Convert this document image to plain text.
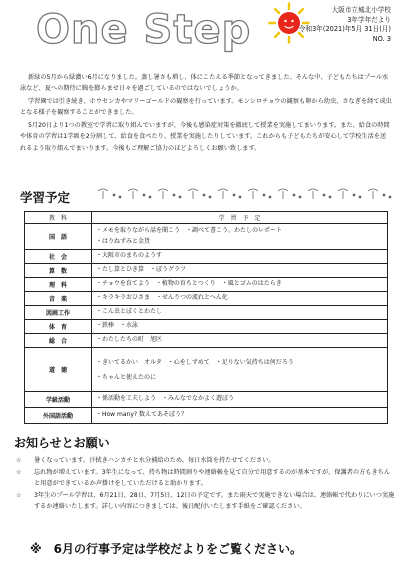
One Step	大阪市立城北小学校
3年学年だより
令和3年(2021)年5月 31日(月)
NO. 3

新緑の5月から緑濃い6月になりました。蒸し暑さも増し、体にこたえる季節となってきました。そんな中、子どもたちはプール水泳など、夏への期待に胸を膨らませ日々を過ごしているのではないでしょうか。

学習園では引き続き、ホウセンカやマリーゴールドの観察を行っています。モンシロチョウの観察も卵から幼虫、さなぎを経て成虫となる様子を観察することができました。

5月20日より1つの教室で学習に取り組んでいますが、今後も感染症対策を徹底して授業を実施してまいります。また、給食の時間や体育の学習は1学級を2分割して、給食を食べたり、授業を実施したりしています。これからも子どもたちが安心して学校生活を送れるよう取り組んでまいります。今後もご理解ご協力のほどよろしくお願い致します。

学習予定
教　科	学　習　予　定
国　語	・メモを取りながら話を聞こう　・調べて書こう、わたしのレポート
・はりねずみと金貨

社　会	・大阪市のまちのようす

算　数	・たし算とひき算　・ぼうグラフ

理　科	・チョウを育てよう　・植物の育ちとつくり　・風とゴムのはたらき

音　楽	・キラキラおひさま　・せんりつの流れとへん化

図画工作	・こん虫とぼくとわたし

体　育	・鉄棒　・水泳

総　合	・わたしたちの町　旭区

道　徳	・きいてるかい　オルタ　・心をしずめて　・足りない気持ちは何だろう
・ちゃんと使えたのに

学級活動	・係活動を工夫しよう　・みんなでなかよく遊ぼう

外国語活動	・How many? 数えてあそぼう？
お知らせとお願い
☆	暑くなっています。汗拭きハンカチと水分補給のため、毎日水筒を持たせてください。
☆	忘れ物が増えています。3年生になって、持ち物は時間割りや連絡帳を見て自分で用意するのが基本ですが、保護者の方もきちんと用意ができているか声掛けをしていただけると助かります。
☆	3年生のプール学習は、6月21日、28日、7月5日、12日の予定です。また雨天で実施できない場合は、連絡帳で代わりにいつ実施するか連絡いたします。詳しい内容につきましては、後日配付いたします手紙をご確認ください。
※　6月の行事予定は学校だよりをご覧ください。
